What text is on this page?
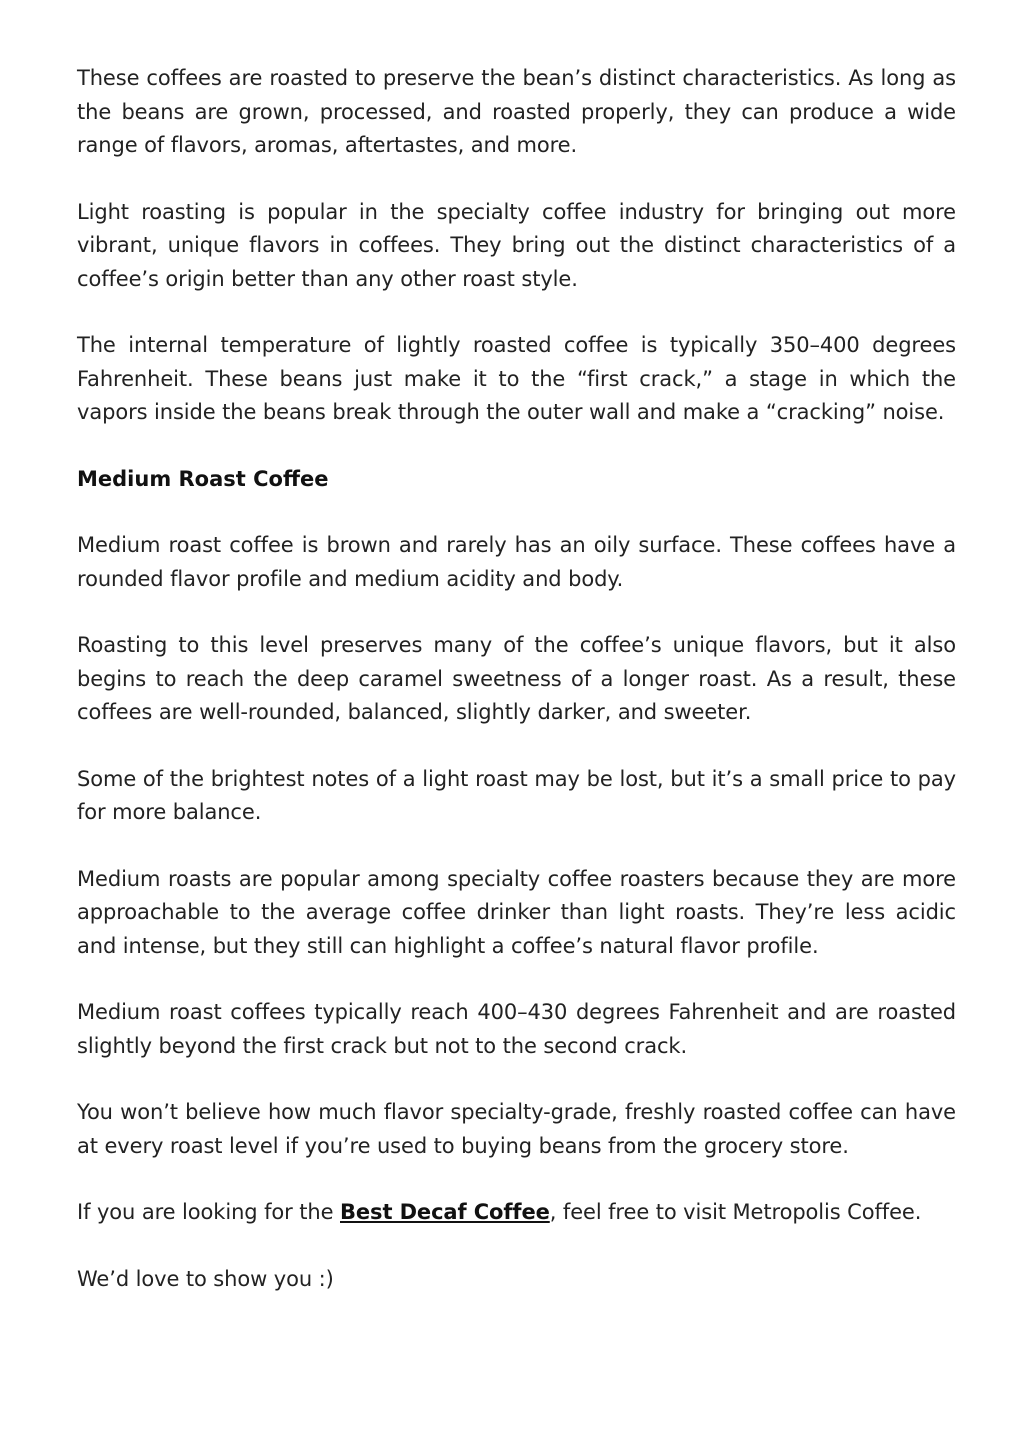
These coffees are roasted to preserve the bean’s distinct characteristics. As long as the beans are grown, processed, and roasted properly, they can produce a wide range of flavors, aromas, aftertastes, and more.

Light roasting is popular in the specialty coffee industry for bringing out more vibrant, unique flavors in coffees. They bring out the distinct characteristics of a coffee’s origin better than any other roast style.

The internal temperature of lightly roasted coffee is typically 350–400 degrees Fahrenheit. These beans just make it to the “first crack,” a stage in which the vapors inside the beans break through the outer wall and make a “cracking” noise.

Medium Roast Coffee

Medium roast coffee is brown and rarely has an oily surface. These coffees have a rounded flavor profile and medium acidity and body.

Roasting to this level preserves many of the coffee’s unique flavors, but it also begins to reach the deep caramel sweetness of a longer roast. As a result, these coffees are well-rounded, balanced, slightly darker, and sweeter.

Some of the brightest notes of a light roast may be lost, but it’s a small price to pay for more balance.

Medium roasts are popular among specialty coffee roasters because they are more approachable to the average coffee drinker than light roasts. They’re less acidic and intense, but they still can highlight a coffee’s natural flavor profile.

Medium roast coffees typically reach 400–430 degrees Fahrenheit and are roasted slightly beyond the first crack but not to the second crack.

You won’t believe how much flavor specialty-grade, freshly roasted coffee can have at every roast level if you’re used to buying beans from the grocery store.

If you are looking for the Best Decaf Coffee, feel free to visit Metropolis Coffee.

We’d love to show you :)
